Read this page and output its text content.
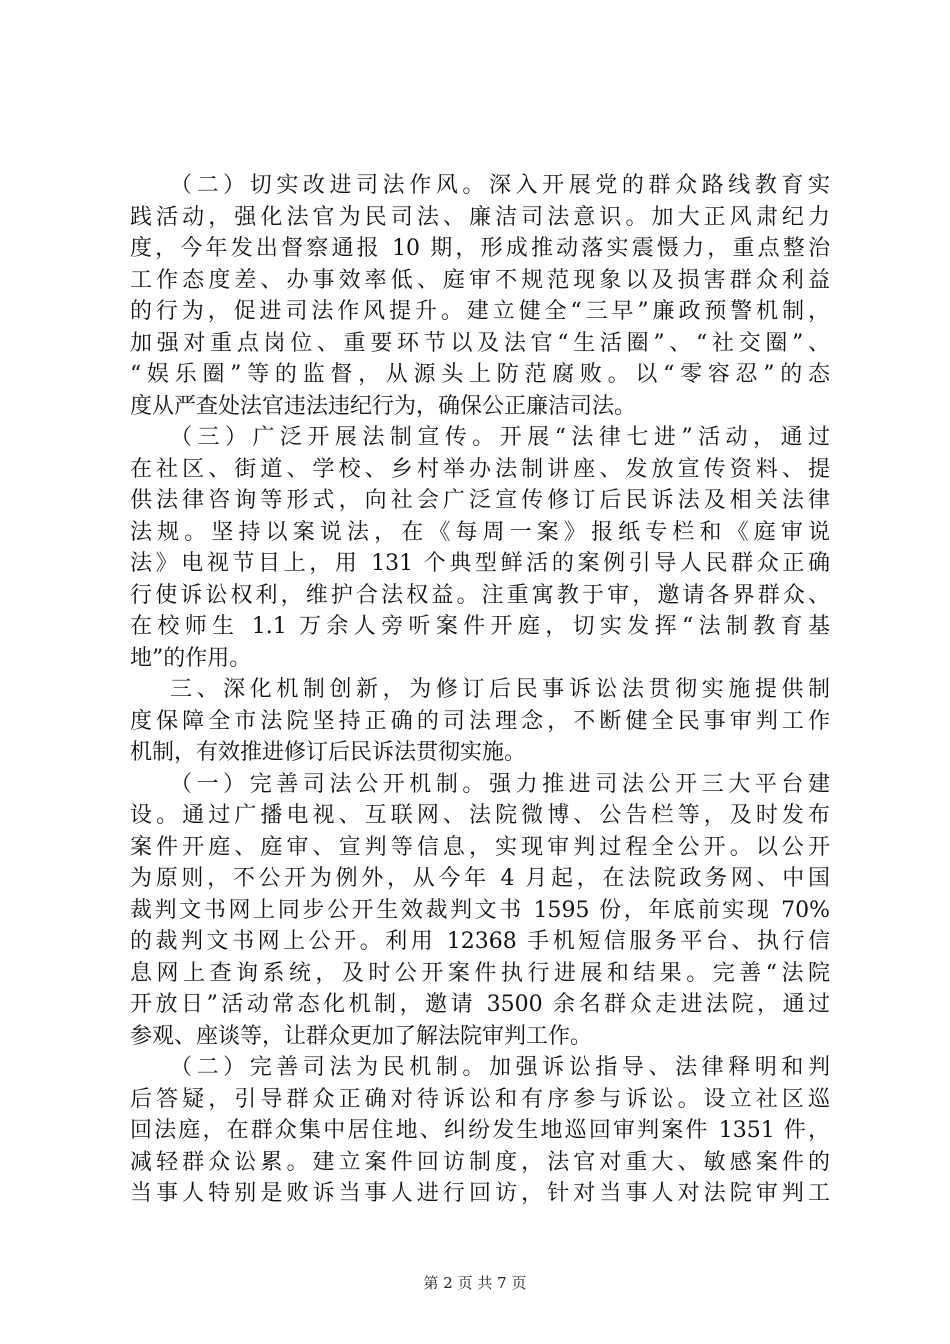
（二）切实改进司法作风。深入开展党的群众路线教育实
践活动，强化法官为民司法、廉洁司法意识。加大正风肃纪力
度，今年发出督察通报 10 期，形成推动落实震慑力，重点整治
工作态度差、办事效率低、庭审不规范现象以及损害群众利益
的行为，促进司法作风提升。建立健全“三早”廉政预警机制，
加强对重点岗位、重要环节以及法官“生活圈”、“社交圈”、
“娱乐圈”等的监督，从源头上防范腐败。以“零容忍”的态
度从严查处法官违法违纪行为，确保公正廉洁司法。
（三）广泛开展法制宣传。开展“法律七进”活动，通过
在社区、街道、学校、乡村举办法制讲座、发放宣传资料、提
供法律咨询等形式，向社会广泛宣传修订后民诉法及相关法律
法规。坚持以案说法，在《每周一案》报纸专栏和《庭审说
法》电视节目上，用 131 个典型鲜活的案例引导人民群众正确
行使诉讼权利，维护合法权益。注重寓教于审，邀请各界群众、
在校师生 1.1 万余人旁听案件开庭，切实发挥“法制教育基
地”的作用。
三、深化机制创新，为修订后民事诉讼法贯彻实施提供制
度保障全市法院坚持正确的司法理念，不断健全民事审判工作
机制，有效推进修订后民诉法贯彻实施。
（一）完善司法公开机制。强力推进司法公开三大平台建
设。通过广播电视、互联网、法院微博、公告栏等，及时发布
案件开庭、庭审、宣判等信息，实现审判过程全公开。以公开
为原则，不公开为例外，从今年 4 月起，在法院政务网、中国
裁判文书网上同步公开生效裁判文书 1595 份，年底前实现 70%
的裁判文书网上公开。利用 12368 手机短信服务平台、执行信
息网上查询系统，及时公开案件执行进展和结果。完善“法院
开放日”活动常态化机制，邀请 3500 余名群众走进法院，通过
参观、座谈等，让群众更加了解法院审判工作。
（二）完善司法为民机制。加强诉讼指导、法律释明和判
后答疑，引导群众正确对待诉讼和有序参与诉讼。设立社区巡
回法庭，在群众集中居住地、纠纷发生地巡回审判案件 1351 件，
减轻群众讼累。建立案件回访制度，法官对重大、敏感案件的
当事人特别是败诉当事人进行回访，针对当事人对法院审判工
第 2 页 共 7 页
